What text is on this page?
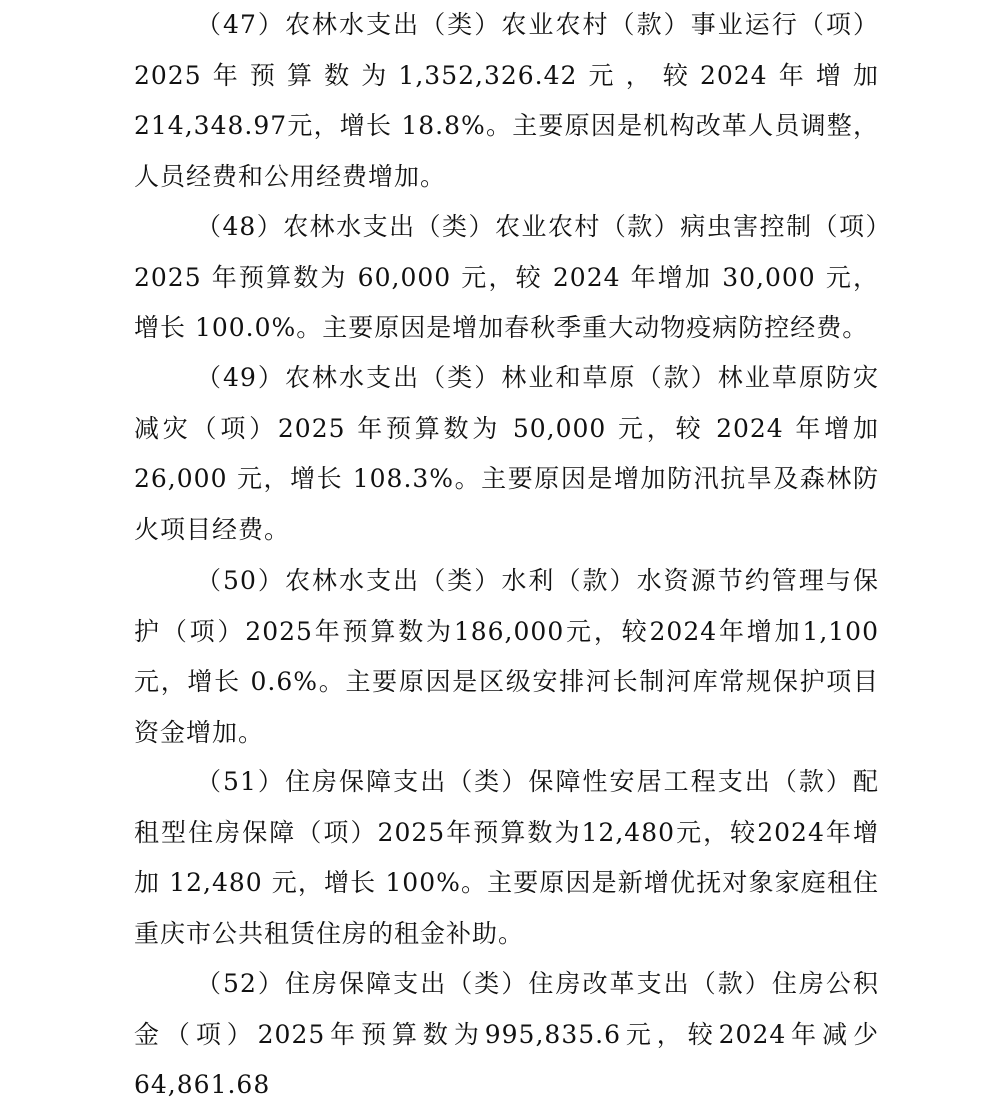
（47）农林水支出（类）农业农村（款）事业运行（项）2025年预算数为1,352,326.42元，较2024年增加214,348.97元，增长 18.8%。主要原因是机构改革人员调整，人员经费和公用经费增加。

（48）农林水支出（类）农业农村（款）病虫害控制（项）2025 年预算数为 60,000 元，较 2024 年增加 30,000 元，增长 100.0%。主要原因是增加春秋季重大动物疫病防控经费。

（49）农林水支出（类）林业和草原（款）林业草原防灾减灾（项）2025 年预算数为 50,000 元，较 2024 年增加 26,000 元，增长 108.3%。主要原因是增加防汛抗旱及森林防火项目经费。

（50）农林水支出（类）水利（款）水资源节约管理与保护（项）2025年预算数为186,000元，较2024年增加1,100元，增长 0.6%。主要原因是区级安排河长制河库常规保护项目资金增加。

（51）住房保障支出（类）保障性安居工程支出（款）配租型住房保障（项）2025年预算数为12,480元，较2024年增加 12,480 元，增长 100%。主要原因是新增优抚对象家庭租住重庆市公共租赁住房的租金补助。

（52）住房保障支出（类）住房改革支出（款）住房公积金（项）2025年预算数为995,835.6元，较2024年减少64,861.68
